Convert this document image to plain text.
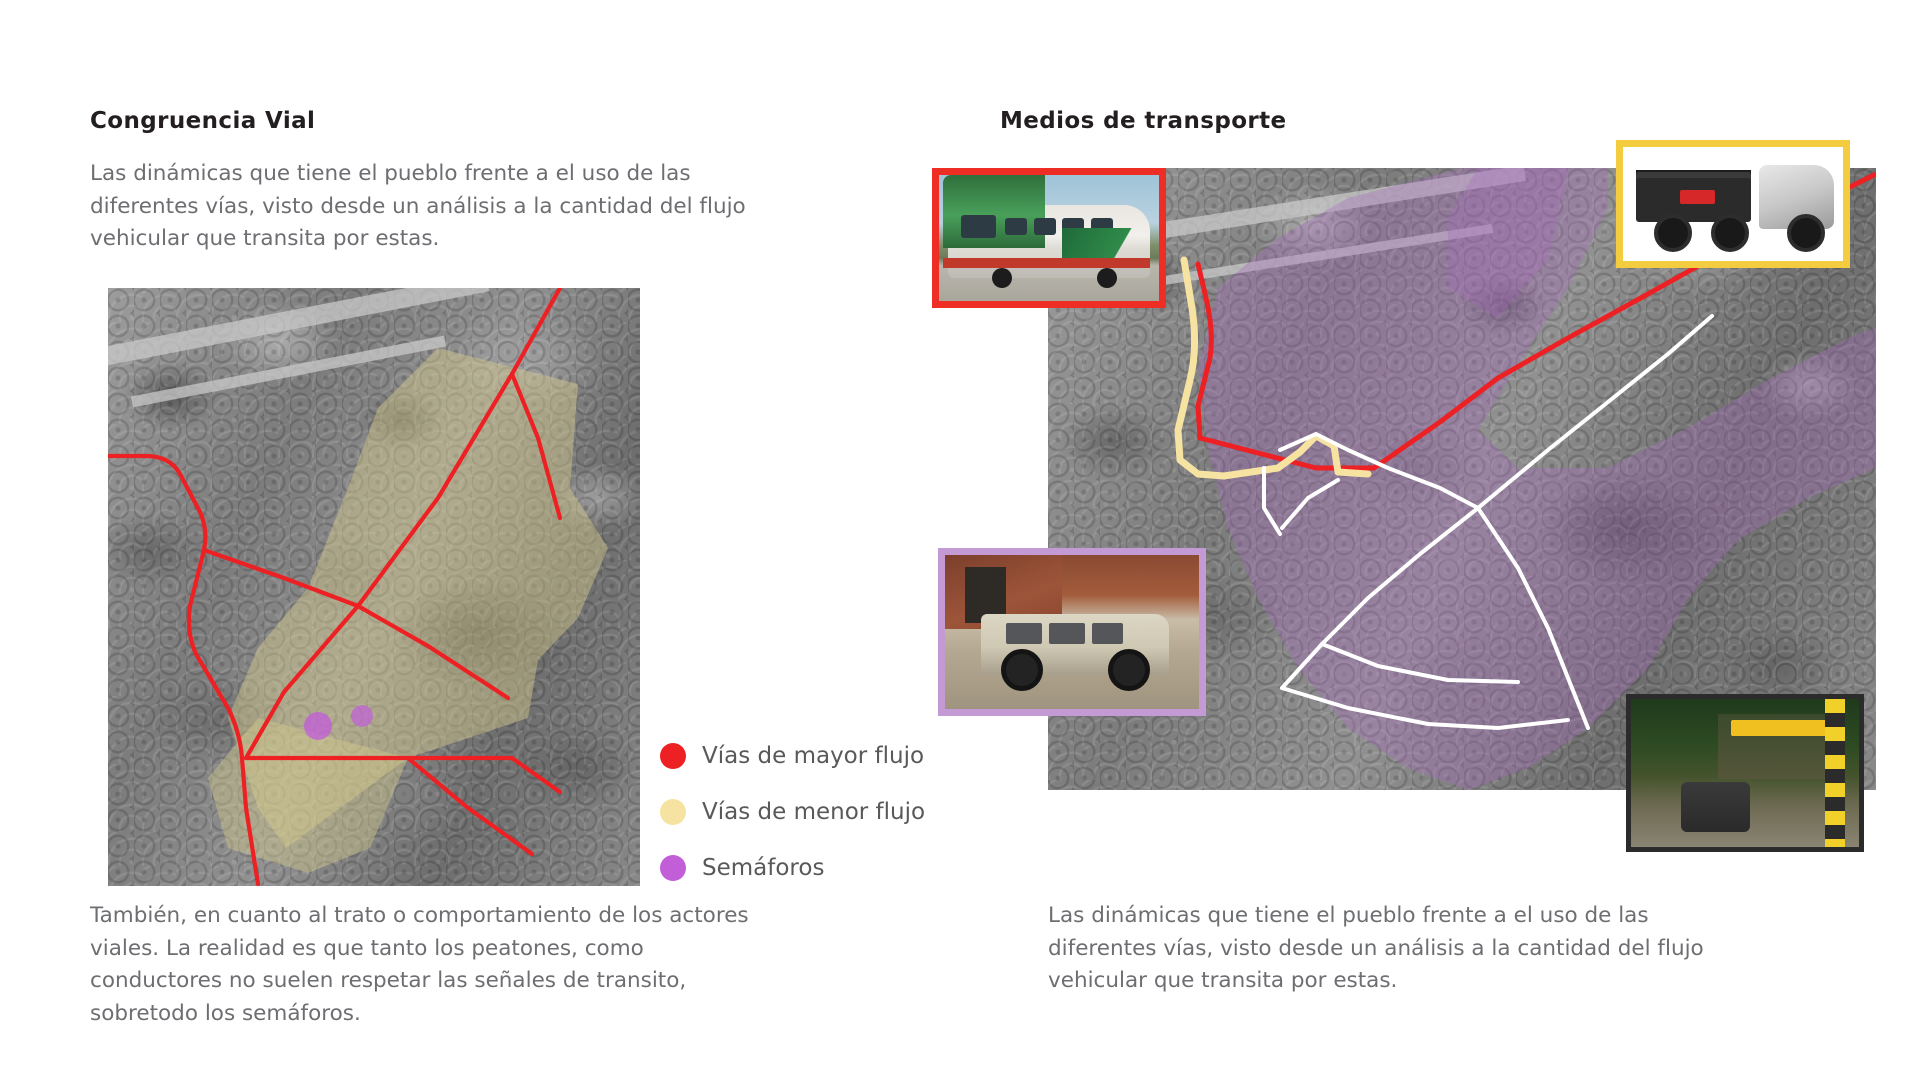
Congruencia Vial
Las dinámicas que tiene el pueblo frente a el uso de las diferentes vías, visto desde un análisis a la cantidad del flujo vehicular que transita por estas.
También, en cuanto al trato o comportamiento de los actores viales. La realidad es que tanto los peatones, como conductores no suelen respetar las señales de transito, sobretodo los semáforos.
Vías de mayor flujo
Vías de menor flujo
Semáforos
Medios de transporte
Las dinámicas que tiene el pueblo frente a el uso de las diferentes vías, visto desde un análisis a la cantidad del flujo vehicular que transita por estas.
